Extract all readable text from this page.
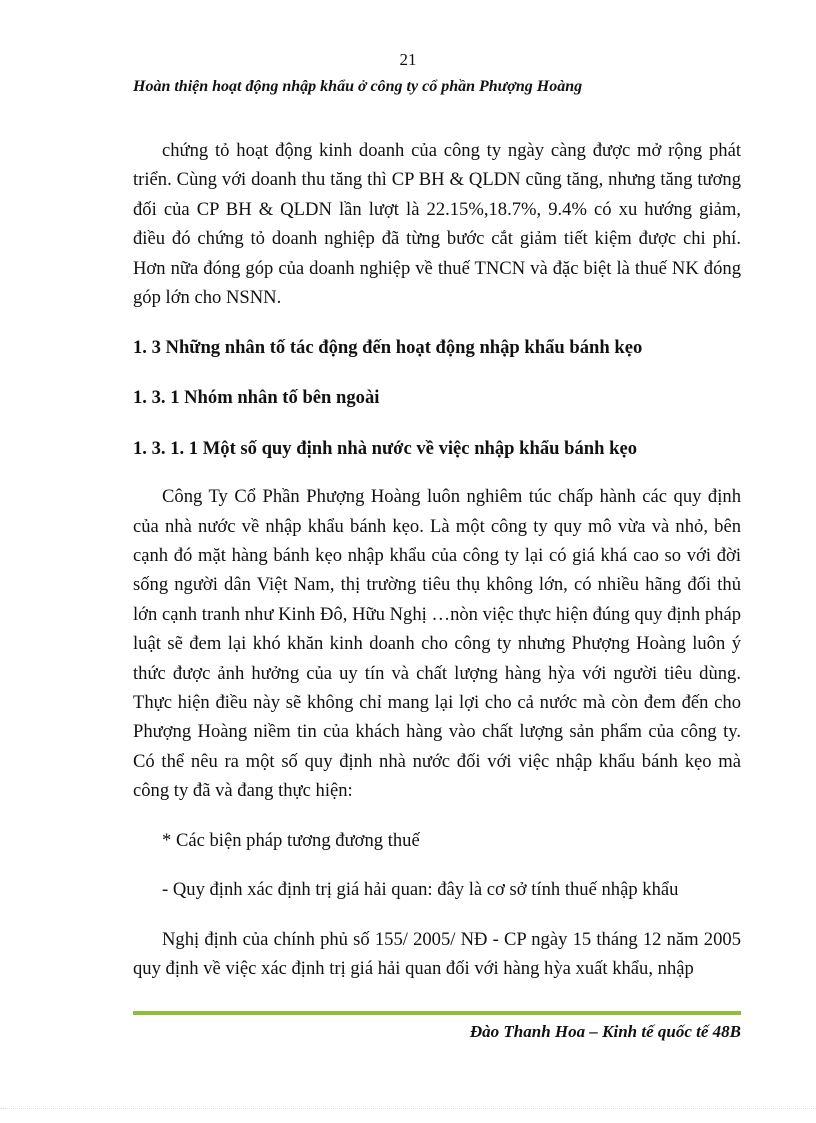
21
Hoàn thiện hoạt động nhập khẩu ở công ty cổ phần Phượng Hoàng

chứng tỏ hoạt động kinh doanh của công ty ngày càng được mở rộng phát triển. Cùng với doanh thu tăng thì CP BH & QLDN cũng tăng, nhưng tăng tương đối của CP BH & QLDN lần lượt là 22.15%,18.7%, 9.4% có xu hướng giảm, điều đó chứng tỏ doanh nghiệp đã từng bước cắt giảm tiết kiệm được chi phí. Hơn nữa đóng góp của doanh nghiệp về thuế TNCN và đặc biệt là thuế NK đóng góp lớn cho NSNN.

1. 3 Những nhân tố tác động đến hoạt động nhập khẩu bánh kẹo

1. 3. 1 Nhóm nhân tố bên ngoài

1. 3. 1. 1 Một số quy định nhà nước về việc nhập khẩu bánh kẹo

Công Ty Cổ Phần Phượng Hoàng luôn nghiêm túc chấp hành các quy định của nhà nước về nhập khẩu bánh kẹo. Là một công ty quy mô vừa và nhỏ, bên cạnh đó mặt hàng bánh kẹo nhập khẩu của công ty lại có giá khá cao so với đời sống người dân Việt Nam, thị trường tiêu thụ không lớn, có nhiều hãng đối thủ lớn cạnh tranh như Kinh Đô, Hữu Nghị …nòn việc thực hiện đúng quy định pháp luật sẽ đem lại khó khăn kinh doanh cho công ty nhưng Phượng Hoàng luôn ý thức được ảnh hưởng của uy tín và chất lượng hàng hỳa với người tiêu dùng. Thực hiện điều này sẽ không chỉ mang lại lợi cho cả nước mà còn đem đến cho Phượng Hoàng niềm tin của khách hàng vào chất lượng sản phẩm của công ty. Có thể nêu ra một số quy định nhà nước đối với việc nhập khẩu bánh kẹo mà công ty đã và đang thực hiện:

* Các biện pháp tương đương thuế

- Quy định xác định trị giá hải quan: đây là cơ sở tính thuế nhập khẩu

Nghị định của chính phủ số 155/ 2005/ NĐ - CP ngày 15 tháng 12 năm 2005 quy định về việc xác định trị giá hải quan đối với hàng hỳa xuất khẩu, nhập

Đào Thanh Hoa – Kinh tế quốc tế 48B
